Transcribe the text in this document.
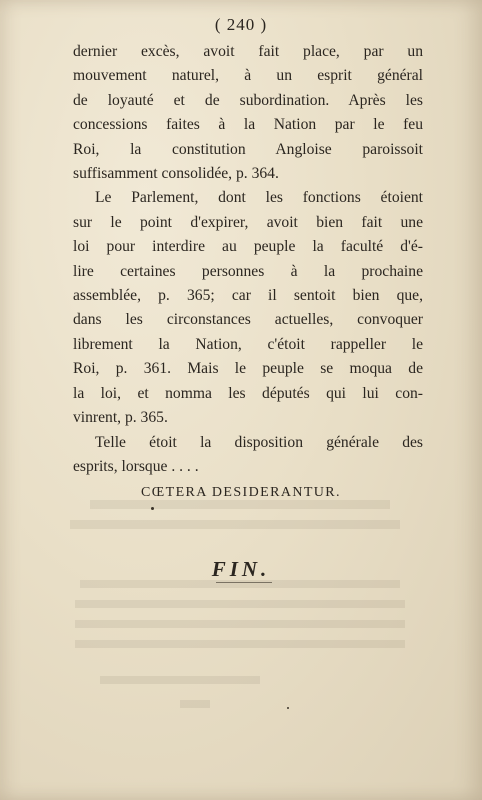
( 240 )

dernier excès, avoit fait place, par un
mouvement naturel, à un esprit général
de loyauté et de subordination. Après les
concessions faites à la Nation par le feu
Roi, la constitution Angloise paroissoit
suffisamment consolidée, p. 364.

Le Parlement, dont les fonctions étoient
sur le point d'expirer, avoit bien fait une
loi pour interdire au peuple la faculté d'é-
lire certaines personnes à la prochaine
assemblée, p. 365; car il sentoit bien que,
dans les circonstances actuelles, convoquer
librement la Nation, c'étoit rappeller le
Roi, p. 361. Mais le peuple se moqua de
la loi, et nomma les députés qui lui con-
vinrent, p. 365.

Telle étoit la disposition générale des
esprits, lorsque . . . .

CŒTERA DESIDERANTUR.
FIN.
